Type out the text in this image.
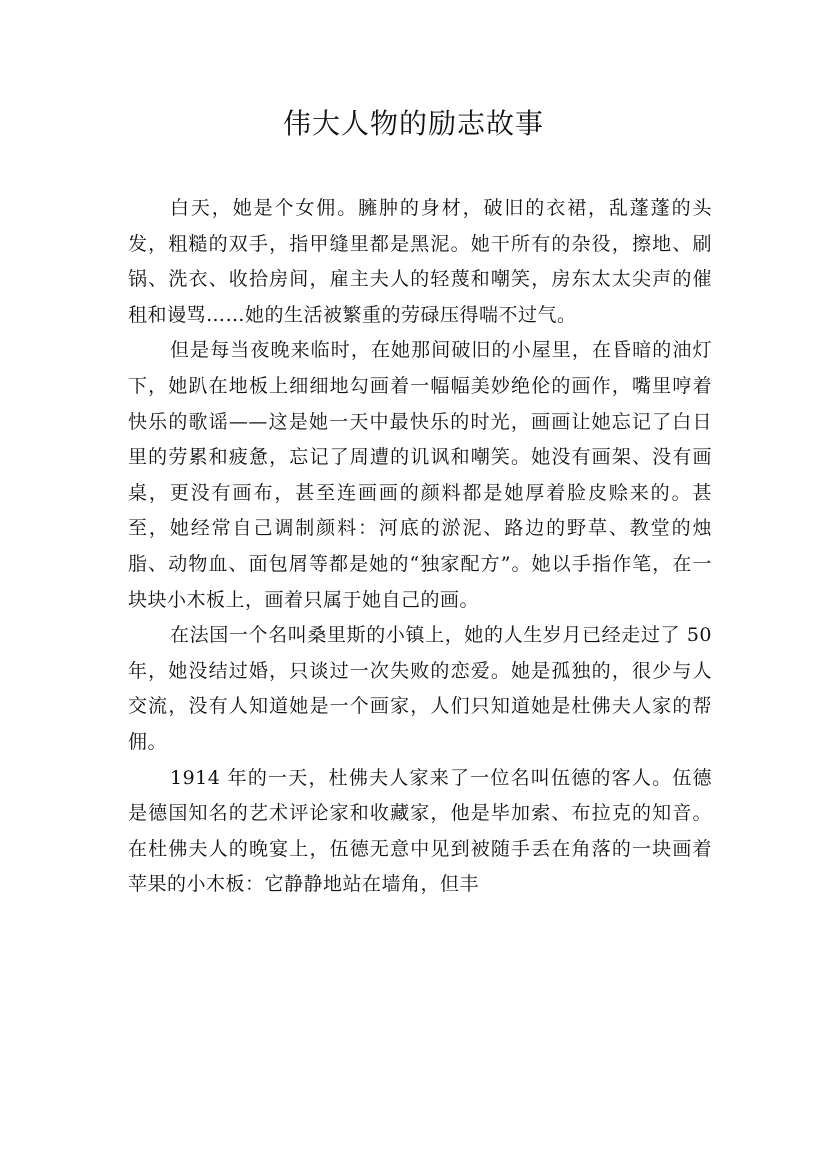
伟大人物的励志故事

白天，她是个女佣。臃肿的身材，破旧的衣裙，乱蓬蓬的头发，粗糙的双手，指甲缝里都是黑泥。她干所有的杂役，擦地、刷锅、洗衣、收拾房间，雇主夫人的轻蔑和嘲笑，房东太太尖声的催租和谩骂……她的生活被繁重的劳碌压得喘不过气。

但是每当夜晚来临时，在她那间破旧的小屋里，在昏暗的油灯下，她趴在地板上细细地勾画着一幅幅美妙绝伦的画作，嘴里哼着快乐的歌谣——这是她一天中最快乐的时光，画画让她忘记了白日里的劳累和疲惫，忘记了周遭的讥讽和嘲笑。她没有画架、没有画桌，更没有画布，甚至连画画的颜料都是她厚着脸皮赊来的。甚至，她经常自己调制颜料：河底的淤泥、路边的野草、教堂的烛脂、动物血、面包屑等都是她的“独家配方”。她以手指作笔，在一块块小木板上，画着只属于她自己的画。

在法国一个名叫桑里斯的小镇上，她的人生岁月已经走过了 50 年，她没结过婚，只谈过一次失败的恋爱。她是孤独的，很少与人交流，没有人知道她是一个画家，人们只知道她是杜佛夫人家的帮佣。

1914 年的一天，杜佛夫人家来了一位名叫伍德的客人。伍德是德国知名的艺术评论家和收藏家，他是毕加索、布拉克的知音。在杜佛夫人的晚宴上，伍德无意中见到被随手丢在角落的一块画着苹果的小木板：它静静地站在墙角，但丰
